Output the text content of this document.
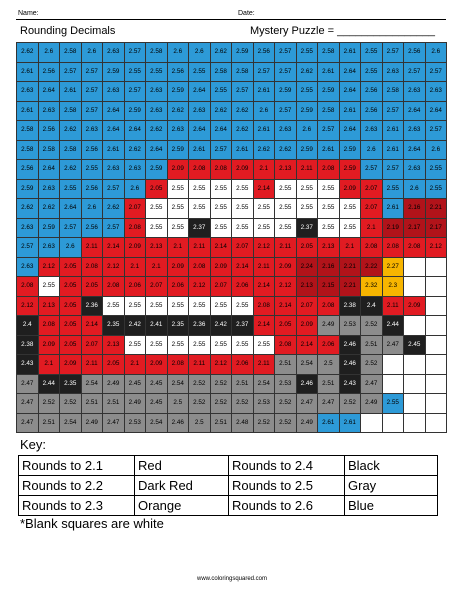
Name:	Date:
Rounding Decimals	Mystery Puzzle = ________________
2.62	2.6	2.58	2.6	2.63	2.57	2.58	2.6	2.6	2.62	2.59	2.56	2.57	2.55	2.58	2.61	2.55	2.57	2.56	2.6
2.61	2.56	2.57	2.57	2.59	2.55	2.55	2.56	2.55	2.58	2.58	2.57	2.57	2.62	2.61	2.64	2.55	2.63	2.57	2.57
2.63	2.64	2.61	2.57	2.63	2.57	2.63	2.59	2.64	2.55	2.57	2.61	2.59	2.55	2.59	2.64	2.56	2.58	2.63	2.63
2.61	2.63	2.58	2.57	2.64	2.59	2.63	2.62	2.63	2.62	2.62	2.6	2.57	2.59	2.58	2.61	2.56	2.57	2.64	2.64
2.58	2.56	2.62	2.63	2.64	2.64	2.62	2.63	2.64	2.64	2.62	2.61	2.63	2.6	2.57	2.64	2.63	2.61	2.63	2.57
2.58	2.58	2.58	2.56	2.61	2.62	2.64	2.59	2.61	2.57	2.61	2.62	2.62	2.59	2.61	2.59	2.6	2.61	2.64	2.6
2.56	2.64	2.62	2.55	2.63	2.63	2.59	2.09	2.08	2.08	2.09	2.1	2.13	2.11	2.08	2.59	2.57	2.57	2.63	2.55
2.59	2.63	2.55	2.56	2.57	2.6	2.05	2.55	2.55	2.55	2.55	2.14	2.55	2.55	2.55	2.09	2.07	2.55	2.6	2.55
2.62	2.62	2.64	2.6	2.62	2.07	2.55	2.55	2.55	2.55	2.55	2.55	2.55	2.55	2.55	2.55	2.07	2.61	2.16	2.21
2.63	2.59	2.57	2.56	2.57	2.08	2.55	2.55	2.37	2.55	2.55	2.55	2.55	2.37	2.55	2.55	2.1	2.19	2.17	2.17
2.57	2.63	2.6	2.11	2.14	2.09	2.13	2.1	2.11	2.14	2.07	2.12	2.11	2.05	2.13	2.1	2.08	2.08	2.08	2.12
2.63	2.12	2.05	2.08	2.12	2.1	2.1	2.09	2.08	2.09	2.14	2.11	2.09	2.24	2.16	2.21	2.22	2.27
2.08	2.55	2.05	2.05	2.08	2.06	2.07	2.06	2.12	2.07	2.06	2.14	2.12	2.13	2.15	2.21	2.32	2.3
2.12	2.13	2.05	2.36	2.55	2.55	2.55	2.55	2.55	2.55	2.55	2.08	2.14	2.07	2.08	2.38	2.4	2.11	2.09
2.4	2.08	2.05	2.14	2.35	2.42	2.41	2.35	2.36	2.42	2.37	2.14	2.05	2.09	2.49	2.53	2.52	2.44
2.38	2.09	2.05	2.07	2.13	2.55	2.55	2.55	2.55	2.55	2.55	2.55	2.08	2.14	2.06	2.46	2.51	2.47	2.45
2.43	2.1	2.09	2.11	2.05	2.1	2.09	2.08	2.11	2.12	2.06	2.11	2.51	2.54	2.5	2.46	2.52
2.47	2.44	2.35	2.54	2.49	2.45	2.45	2.54	2.52	2.52	2.51	2.54	2.53	2.46	2.51	2.43	2.47
2.47	2.52	2.52	2.51	2.51	2.49	2.45	2.5	2.52	2.52	2.52	2.53	2.52	2.47	2.47	2.52	2.49	2.55
2.47	2.51	2.54	2.49	2.47	2.53	2.54	2.46	2.5	2.51	2.48	2.52	2.52	2.49	2.61	2.61
Key:
Rounds to 2.1	Red	Rounds to 2.4	Black
Rounds to 2.2	Dark Red	Rounds to 2.5	Gray
Rounds to 2.3	Orange	Rounds to 2.6	Blue
*Blank squares are white
www.coloringsquared.com
